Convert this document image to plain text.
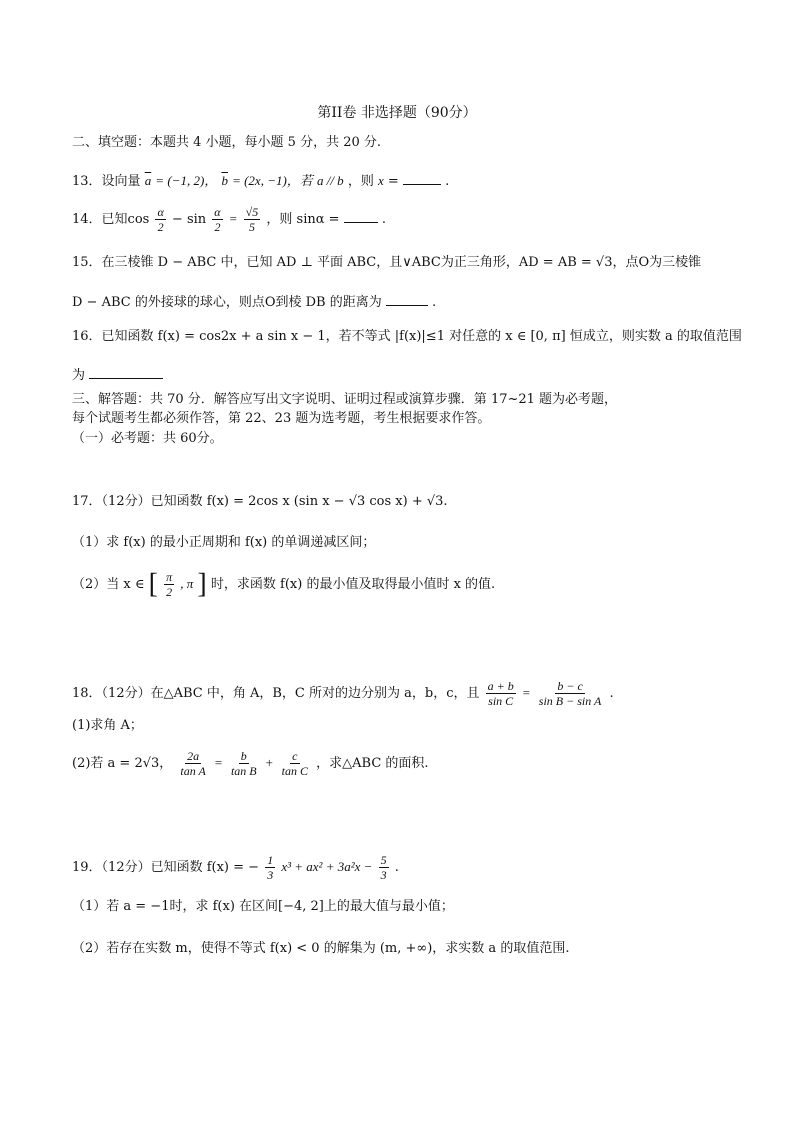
第II卷 非选择题（90分）
二、填空题：本题共 4 小题，每小题 5 分，共 20 分.
13．设向量 $\overline{a} = (-1$, 2)， $\overline{b} = (2x$, −1)，若 a // b ，则 x =	.
14．已知$\cos \frac{\alpha}{2} - \sin \frac{\alpha}{2} = \frac{√5}{5}$ ，则 sinα =	.
15．在三棱锥 D − ABC 中，已知 AD ⊥ 平面 ABC，且∨ABC为正三角形，AD = AB = √3，点O为三棱锥
D − ABC 的外接球的球心，则点O到棱 DB 的距离为	.
16．已知函数 f(x) = cos2x + a sin x − 1，若不等式 |f(x)|≤1 对任意的 x ∈ [0, π] 恒成立，则实数 a 的取值范围
为
三、解答题：共 70 分．解答应写出文字说明、证明过程或演算步骤．第 17~21 题为必考题，
每个试题考生都必须作答，第 22、23 题为选考题，考生根据要求作答。
（一）必考题：共 60分。
17．（12分）已知函数 f(x) = 2cos x (sin x − √3 cos x) + √3.
（1）求 f(x) 的最小正周期和 f(x) 的单调递减区间；
（2）当 x ∈ [ $\frac{\pi}{2}$ , π ] 时，求函数 f(x) 的最小值及取得最小值时 x 的值.
18．（12分）在△ABC 中，角 A，B，C 所对的边分别为 a，b，c，且 $\frac{a + b}{\text{sin C}} = \frac{b - c}{\text{sin B − sin A}}$ .
(1)求角 A；
(2)若 a = 2√3， $\frac{2a}{\text{tan A}} = \frac{b}{\text{tan B}} + \frac{c}{\text{tan C}}$ ，求△ABC 的面积.
19．（12分）已知函数 f(x) = − $\frac{1}{3} x^3 + ax^2 + 3a^2x - \frac{5}{3}$ .
（1）若 a = −1时，求 f(x) 在区间[−4, 2]上的最大值与最小值；
（2）若存在实数 m，使得不等式 f(x) < 0 的解集为 (m, +∞)，求实数 a 的取值范围.
